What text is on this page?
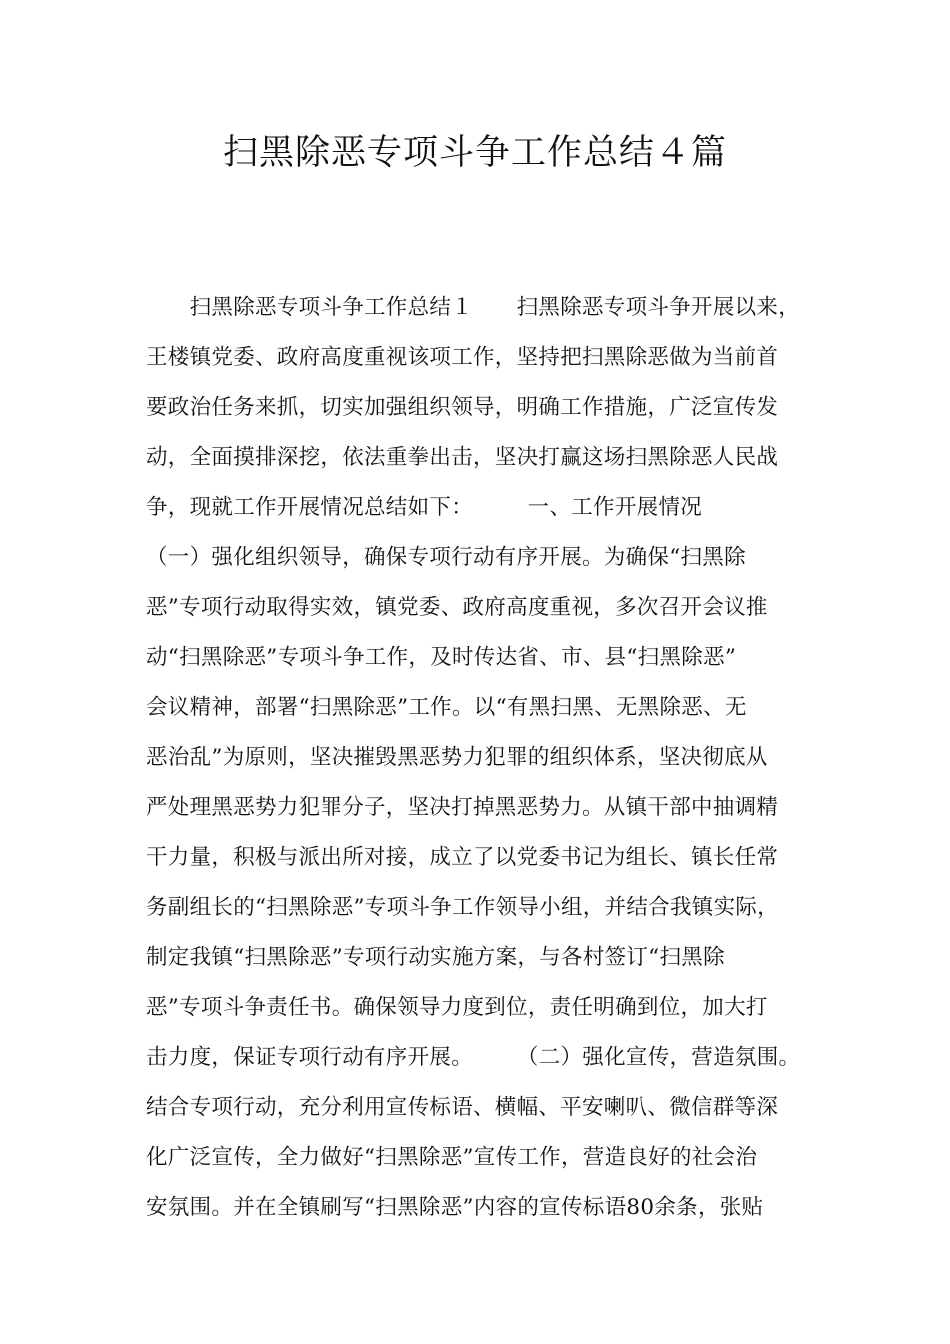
扫黑除恶专项斗争工作总结４篇
　　扫黑除恶专项斗争工作总结１　　扫黑除恶专项斗争开展以来，
王楼镇党委、政府高度重视该项工作，坚持把扫黑除恶做为当前首
要政治任务来抓，切实加强组织领导，明确工作措施，广泛宣传发
动，全面摸排深挖，依法重拳出击，坚决打赢这场扫黑除恶人民战
争，现就工作开展情况总结如下：　　　一、工作开展情况
（一）强化组织领导，确保专项行动有序开展。为确保“扫黑除
恶”专项行动取得实效，镇党委、政府高度重视，多次召开会议推
动“扫黑除恶”专项斗争工作，及时传达省、市、县“扫黑除恶”
会议精神，部署“扫黑除恶”工作。以“有黑扫黑、无黑除恶、无
恶治乱”为原则，坚决摧毁黑恶势力犯罪的组织体系，坚决彻底从
严处理黑恶势力犯罪分子，坚决打掉黑恶势力。从镇干部中抽调精
干力量，积极与派出所对接，成立了以党委书记为组长、镇长任常
务副组长的“扫黑除恶”专项斗争工作领导小组，并结合我镇实际，
制定我镇“扫黑除恶”专项行动实施方案，与各村签订“扫黑除
恶”专项斗争责任书。确保领导力度到位，责任明确到位，加大打
击力度，保证专项行动有序开展。　　　（二）强化宣传，营造氛围。
结合专项行动，充分利用宣传标语、横幅、平安喇叭、微信群等深
化广泛宣传，全力做好“扫黑除恶”宣传工作，营造良好的社会治
安氛围。并在全镇刷写“扫黑除恶”内容的宣传标语80余条，张贴
